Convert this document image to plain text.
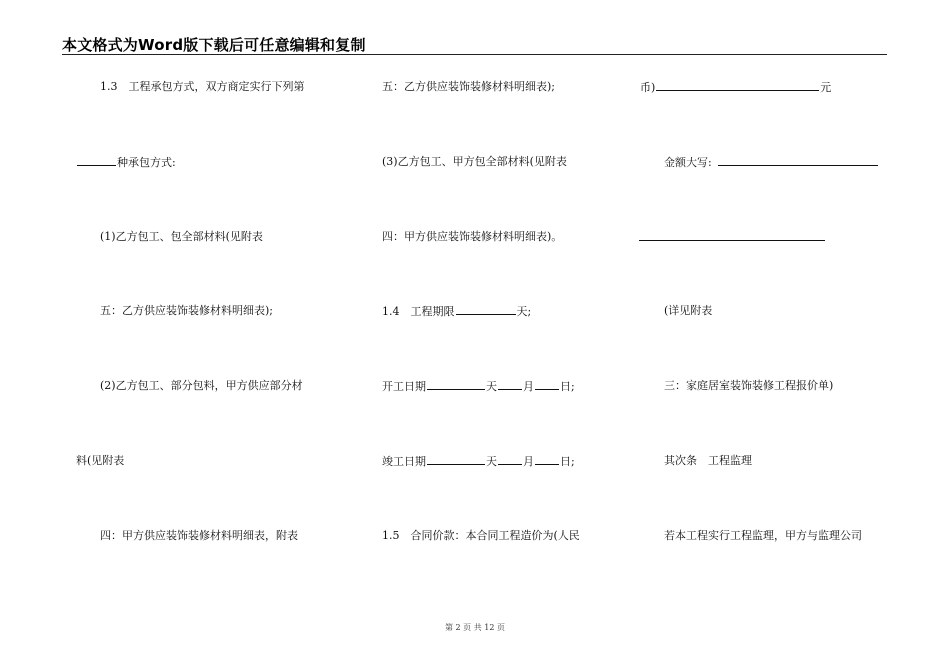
本文格式为Word版下载后可任意编辑和复制
1.3　工程承包方式，双方商定实行下列第
种承包方式:
(1)乙方包工、包全部材料(见附表
五：乙方供应装饰装修材料明细表);
(2)乙方包工、部分包料，甲方供应部分材
料(见附表
四：甲方供应装饰装修材料明细表，附表
五：乙方供应装饰装修材料明细表);
(3)乙方包工、甲方包全部材料(见附表
四：甲方供应装饰装修材料明细表)。
1.4　工程期限	天;
开工日期	天 月 日;
竣工日期	天 月 日;
1.5　合同价款：本合同工程造价为(人民
币)	元
金额大写:
(详见附表
三：家庭居室装饰装修工程报价单)
其次条　工程监理
若本工程实行工程监理，甲方与监理公司
第 2 页 共 12 页
